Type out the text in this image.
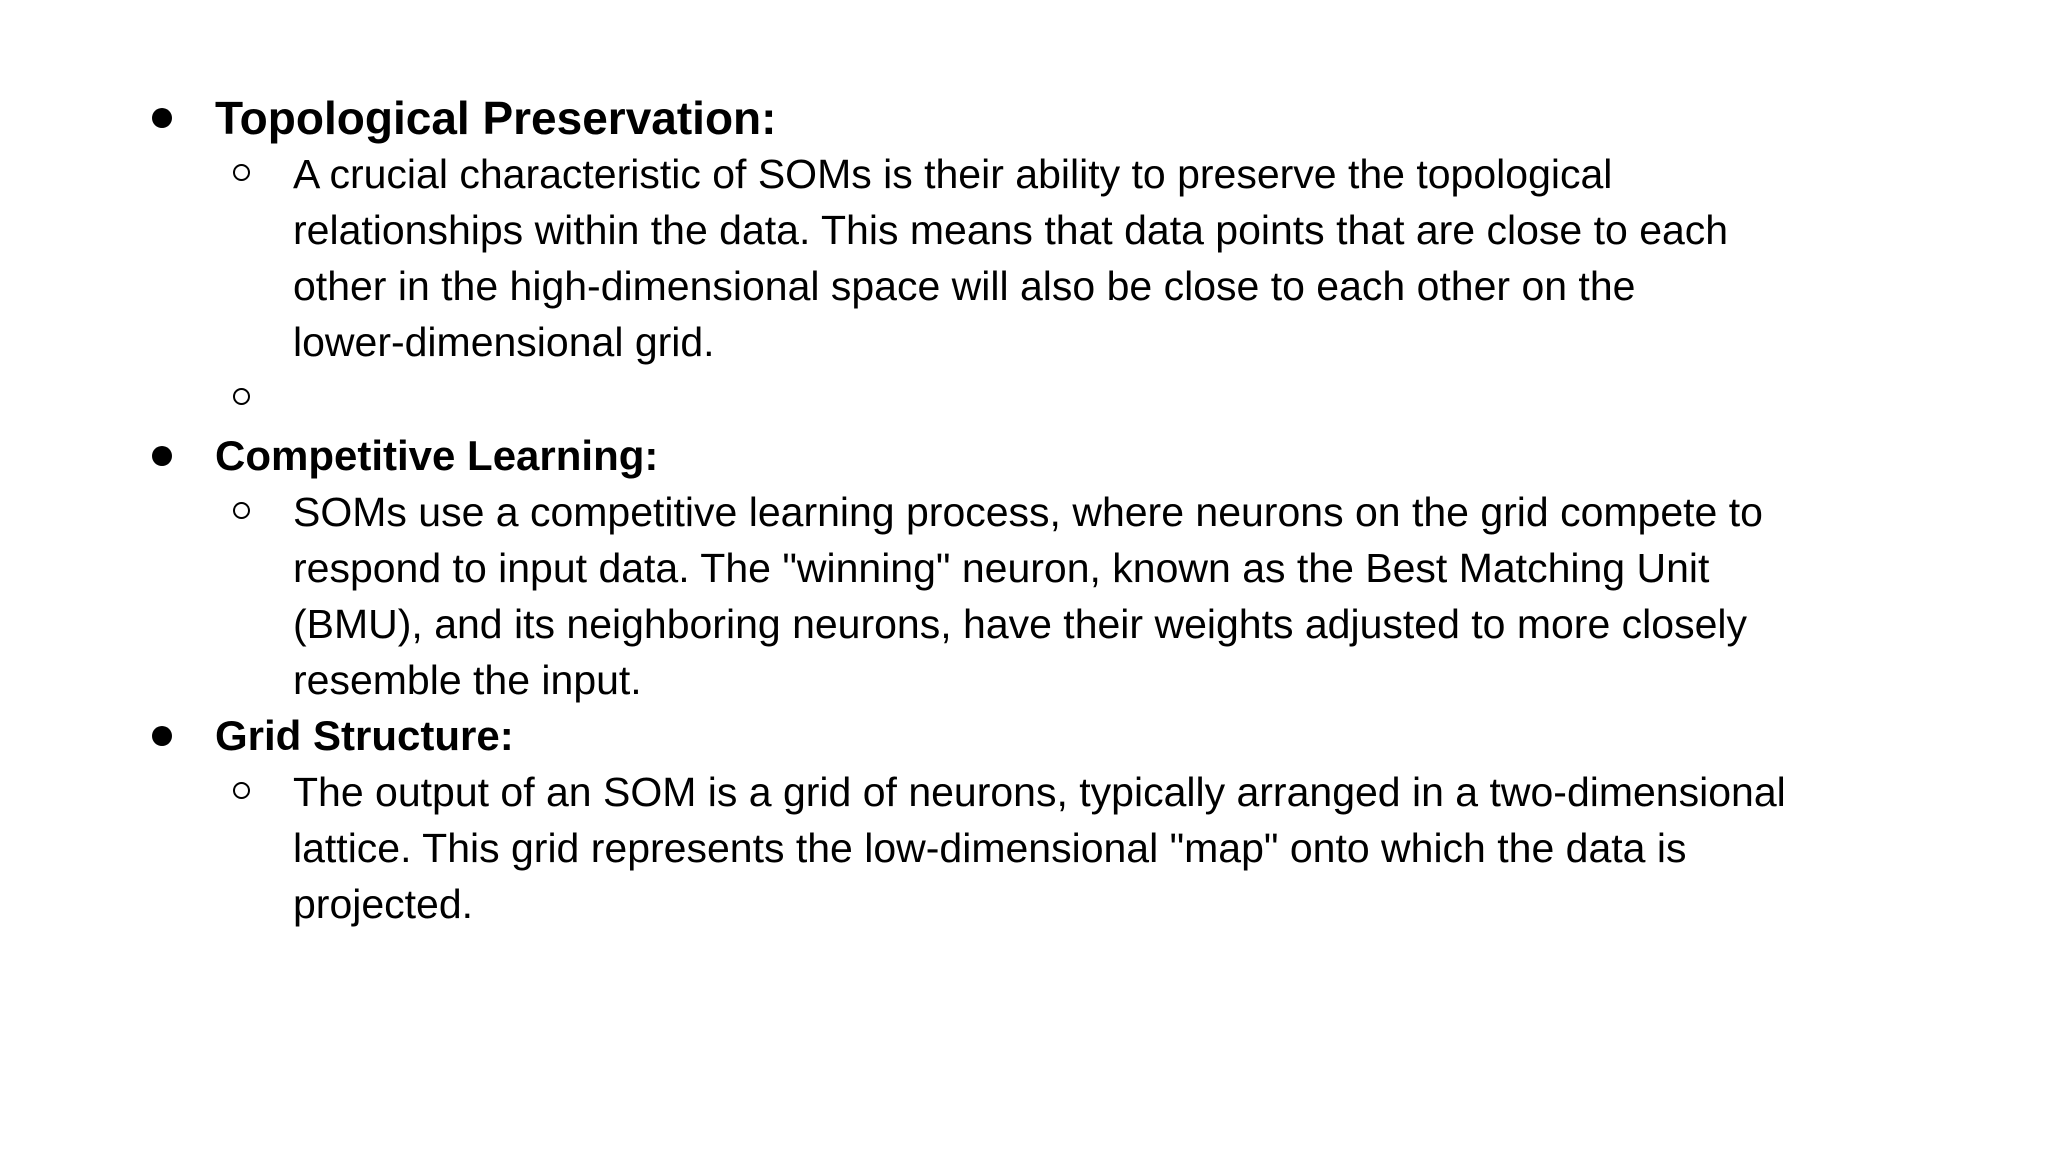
Topological Preservation:
A crucial characteristic of SOMs is their ability to preserve the topological
relationships within the data. This means that data points that are close to each
other in the high-dimensional space will also be close to each other on the
lower-dimensional grid.
Competitive Learning:
SOMs use a competitive learning process, where neurons on the grid compete to
respond to input data. The "winning" neuron, known as the Best Matching Unit
(BMU), and its neighboring neurons, have their weights adjusted to more closely
resemble the input.
Grid Structure:
The output of an SOM is a grid of neurons, typically arranged in a two-dimensional
lattice. This grid represents the low-dimensional "map" onto which the data is
projected.
